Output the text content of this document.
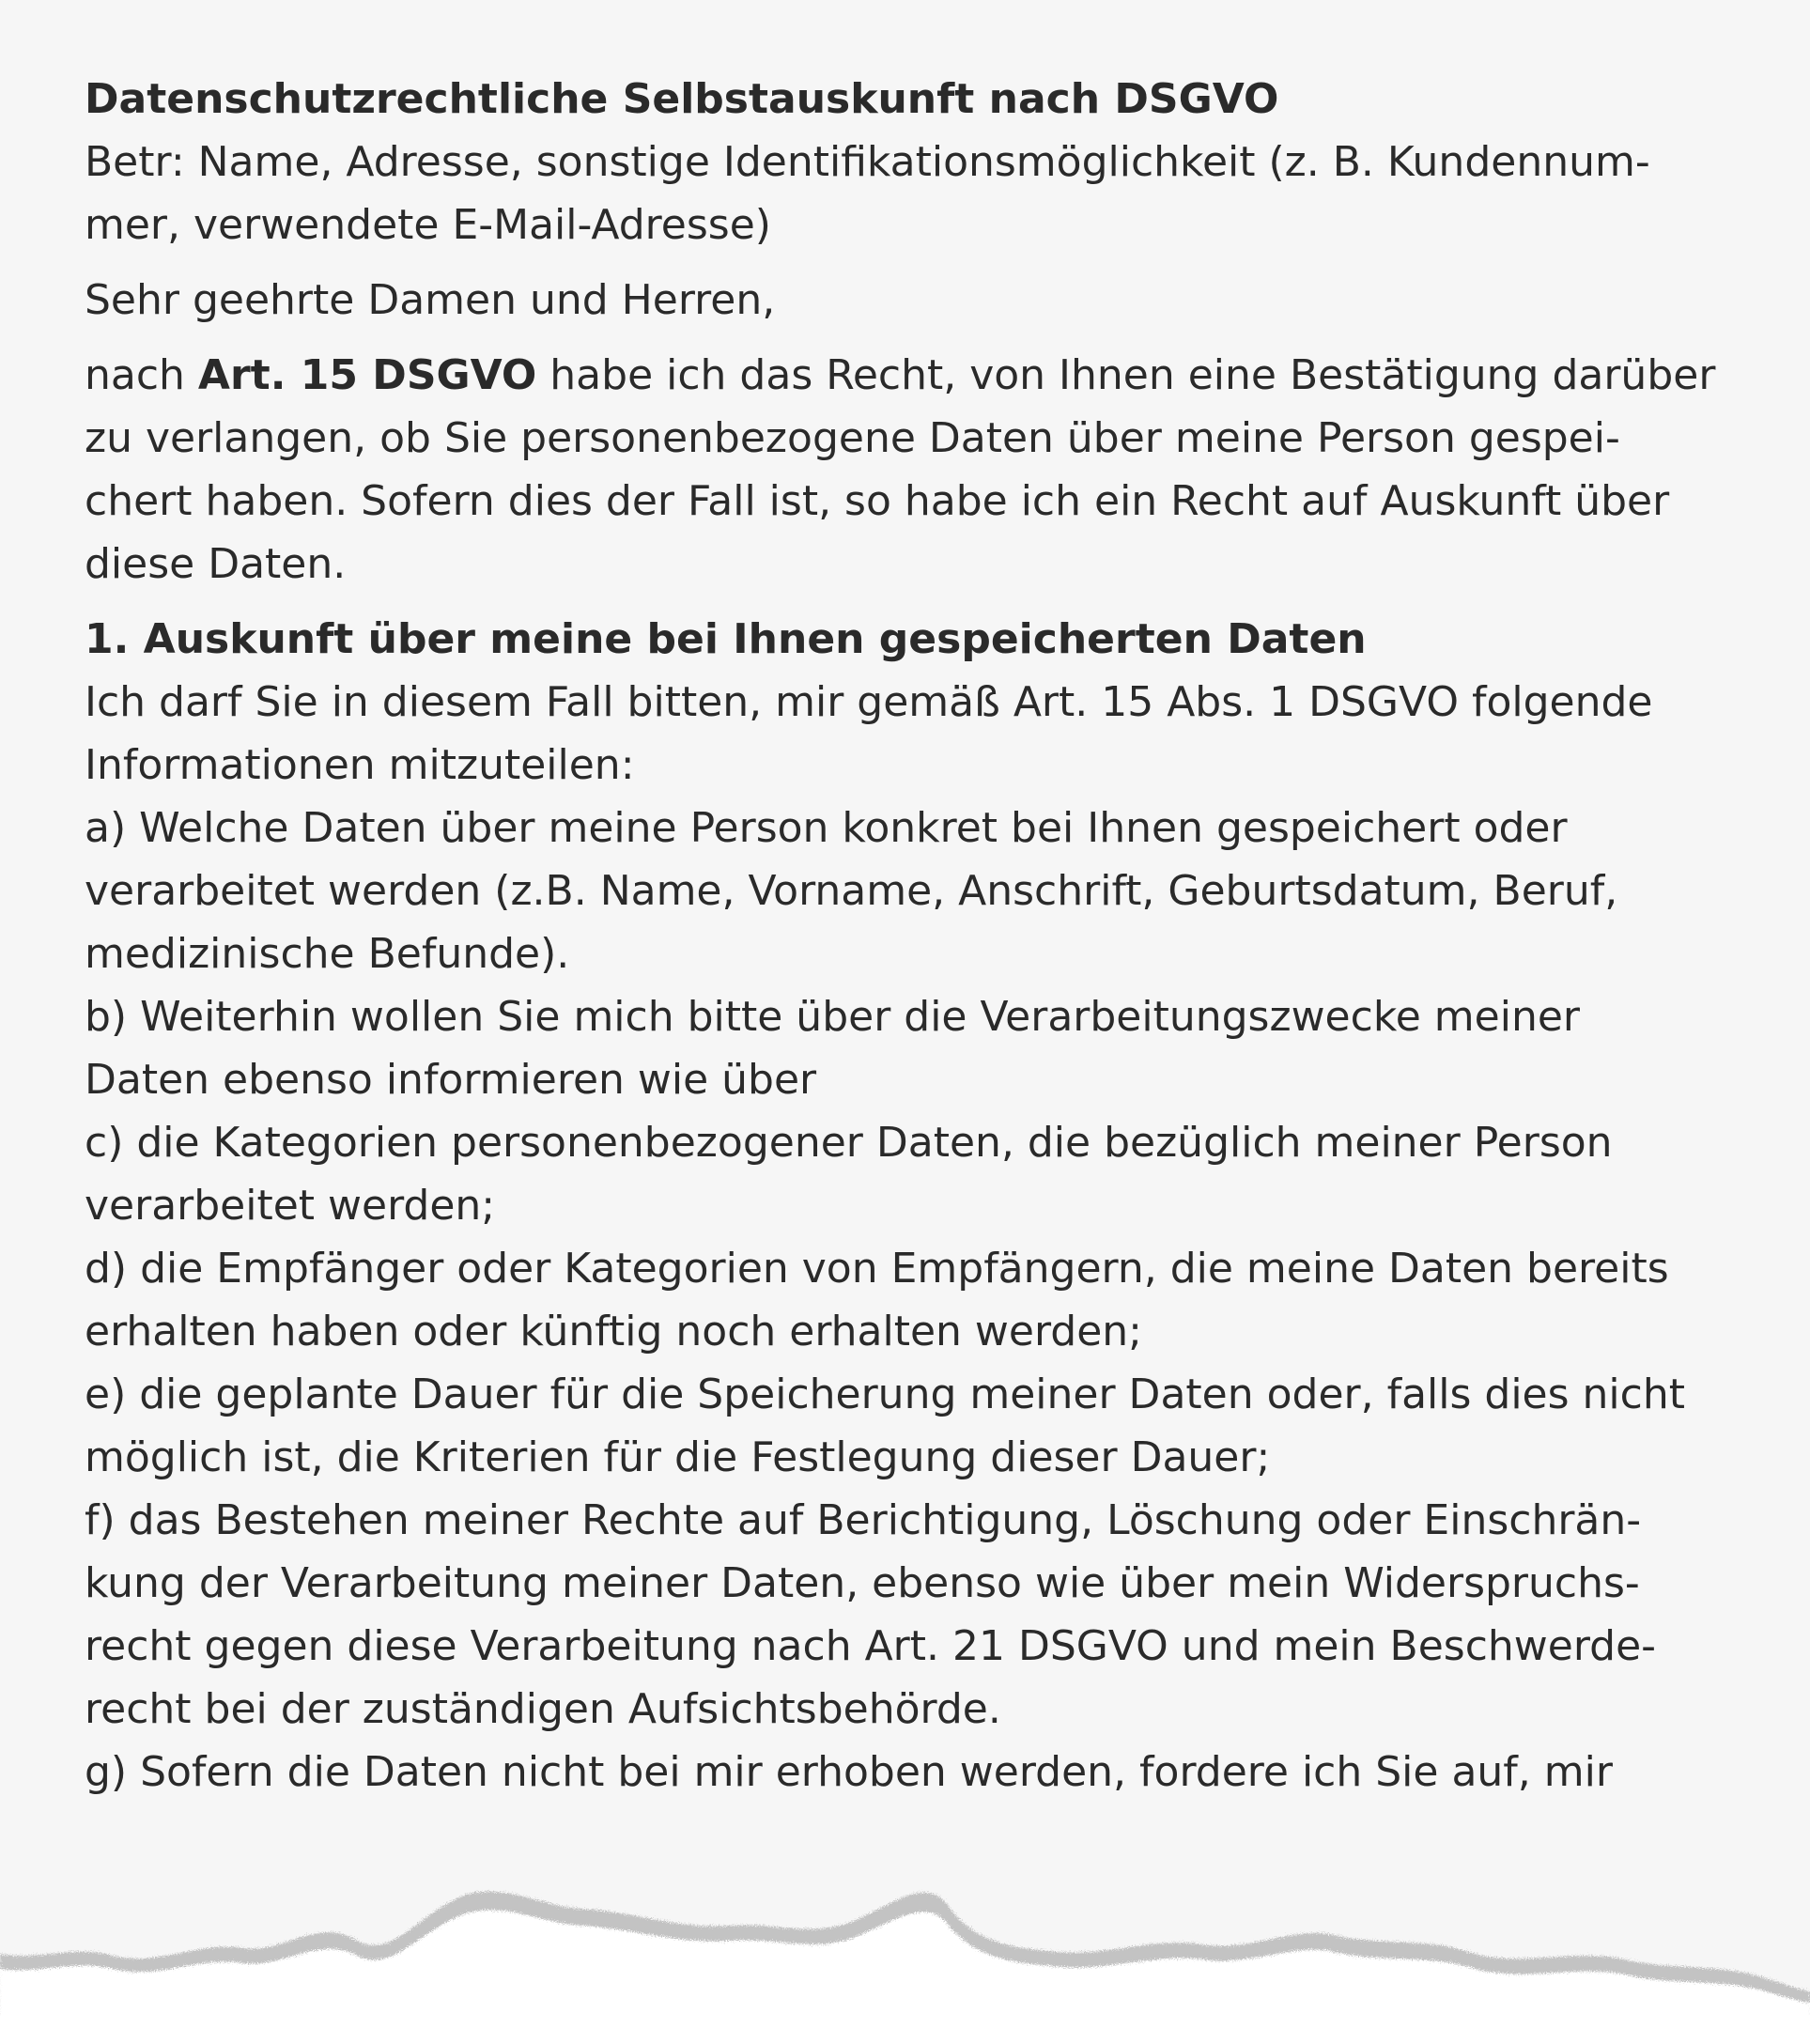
Datenschutzrechtliche Selbstauskunft nach DSGVO
Betr: Name, Adresse, sonstige Identifikationsmöglichkeit (z. B. Kundennum-
mer, verwendete E-Mail-Adresse)
Sehr geehrte Damen und Herren,
nach Art. 15 DSGVO habe ich das Recht, von Ihnen eine Bestätigung darüber
zu verlangen, ob Sie personenbezogene Daten über meine Person gespei-
chert haben. Sofern dies der Fall ist, so habe ich ein Recht auf Auskunft über
diese Daten.
1. Auskunft über meine bei Ihnen gespeicherten Daten
Ich darf Sie in diesem Fall bitten, mir gemäß Art. 15 Abs. 1 DSGVO folgende
Informationen mitzuteilen:
a) Welche Daten über meine Person konkret bei Ihnen gespeichert oder
verarbeitet werden (z.B. Name, Vorname, Anschrift, Geburtsdatum, Beruf,
medizinische Befunde).
b) Weiterhin wollen Sie mich bitte über die Verarbeitungszwecke meiner
Daten ebenso informieren wie über
c) die Kategorien personenbezogener Daten, die bezüglich meiner Person
verarbeitet werden;
d) die Empfänger oder Kategorien von Empfängern, die meine Daten bereits
erhalten haben oder künftig noch erhalten werden;
e) die geplante Dauer für die Speicherung meiner Daten oder, falls dies nicht
möglich ist, die Kriterien für die Festlegung dieser Dauer;
f) das Bestehen meiner Rechte auf Berichtigung, Löschung oder Einschrän-
kung der Verarbeitung meiner Daten, ebenso wie über mein Widerspruchs-
recht gegen diese Verarbeitung nach Art. 21 DSGVO und mein Beschwerde-
recht bei der zuständigen Aufsichtsbehörde.
g) Sofern die Daten nicht bei mir erhoben werden, fordere ich Sie auf, mir
